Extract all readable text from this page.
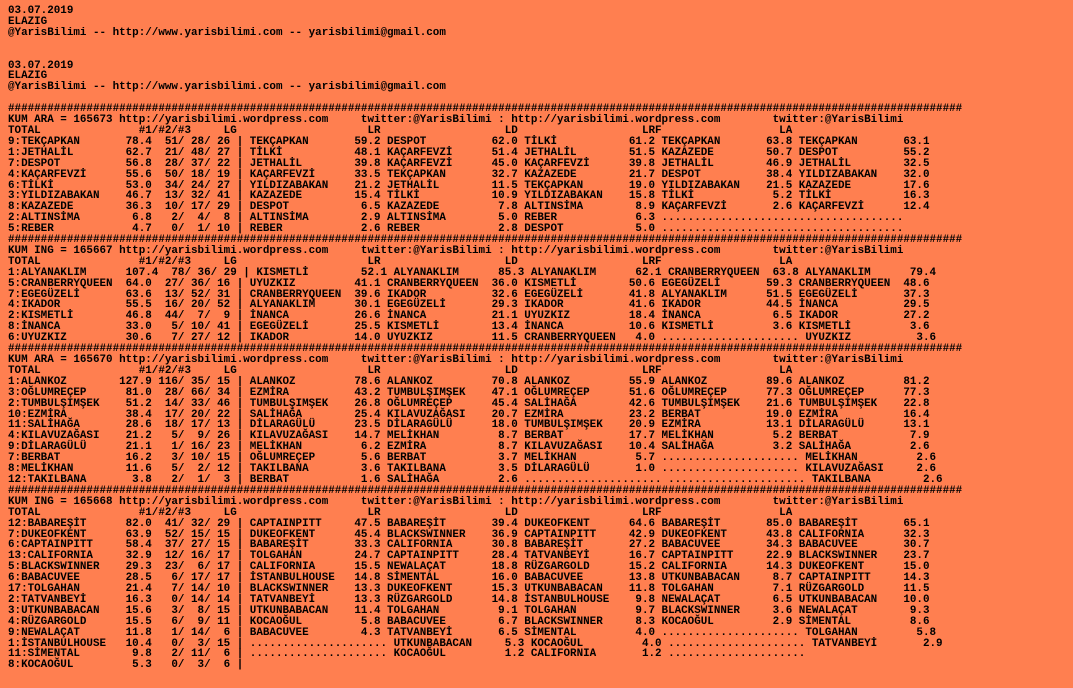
03.07.2019
ELAZIG
@YarisBilimi -- http://www.yarisbilimi.com -- yarisbilimi@gmail.com

03.07.2019
ELAZIG
@YarisBilimi -- http://www.yarisbilimi.com -- yarisbilimi@gmail.com

##################################################################################################################################################
KUM ARA = 165673 http://yarisbilimi.wordpress.com     twitter:@YarisBilimi : http://yarisbilimi.wordpress.com        twitter:@YarisBilimi
TOTAL               #1/#2/#3     LG                    LR                   LD                   LRF                  LA
9:TEKÇAPKAN       78.4  51/ 28/ 26 | TEKÇAPKAN       59.2 DESPOT          62.0 TİLKİ           61.2 TEKÇAPKAN       63.8 TEKÇAPKAN       63.1
1:JETHALİL        62.7  21/ 48/ 27 | TİLKİ           48.1 KAÇARFEVZİ      51.4 JETHALİL        51.5 KAZAZEDE        50.7 DESPOT          55.2
7:DESPOT          56.8  28/ 37/ 22 | JETHALİL        39.8 KAÇARFEVZİ      45.0 KAÇARFEVZİ      39.8 JETHALİL        46.9 JETHALİL        32.5
4:KAÇARFEVZİ      55.6  50/ 18/ 19 | KAÇARFEVZİ      33.5 TEKÇAPKAN       32.7 KAZAZEDE        21.7 DESPOT          38.4 YILDIZABAKAN    32.0
6:TİLKİ           53.0  34/ 24/ 27 | YILDIZABAKAN    21.2 JETHALİL        11.5 TEKÇAPKAN       19.0 YILDIZABAKAN    21.5 KAZAZEDE        17.6
3:YILDIZABAKAN    46.7  13/ 32/ 41 | KAZAZEDE        15.4 TİLKİ           10.9 YILDIZABAKAN    15.8 TİLKİ            5.2 TİLKİ           16.3
8:KAZAZEDE        36.3  10/ 17/ 29 | DESPOT           6.5 KAZAZEDE         7.8 ALTINSİMA        8.9 KAÇARFEVZİ       2.6 KAÇARFEVZİ      12.4
2:ALTINSİMA        6.8   2/  4/  8 | ALTINSİMA        2.9 ALTINSİMA        5.0 REBER            6.3 .....................................
5:REBER            4.7   0/  1/ 10 | REBER            2.6 REBER            2.8 DESPOT           5.0 .....................................
##################################################################################################################################################
KUM ING = 165667 http://yarisbilimi.wordpress.com     twitter:@YarisBilimi : http://yarisbilimi.wordpress.com        twitter:@YarisBilimi
TOTAL               #1/#2/#3     LG                    LR                   LD                   LRF                  LA
1:ALYANAKLIM      107.4  78/ 36/ 29 | KISMETLİ        52.1 ALYANAKLIM      85.3 ALYANAKLIM      62.1 CRANBERRYQUEEN  63.8 ALYANAKLIM      79.4
5:CRANBERRYQUEEN  64.0  27/ 36/ 16 | UYUZKIZ         41.1 CRANBERRYQUEEN  36.0 KISMETLİ        50.6 EGEGÜZELİ       59.3 CRANBERRYQUEEN  48.6
7:EGEGÜZELİ       63.6  13/ 52/ 31 | CRANBERRYQUEEN  39.6 IKADOR          32.6 EGEGÜZELİ       41.8 ALYANAKLIM      51.5 EGEGÜZELİ       37.3
4:IKADOR          55.5  16/ 20/ 52 | ALYANAKLIM      30.1 EGEGÜZELİ       29.3 IKADOR          41.6 IKADOR          44.5 İNANCA          29.5
2:KISMETLİ        46.8  44/  7/  9 | İNANCA          26.6 İNANCA          21.1 UYUZKIZ         18.4 İNANCA           6.5 IKADOR          27.2
8:İNANCA          33.0   5/ 10/ 41 | EGEGÜZELİ       25.5 KISMETLİ        13.4 İNANCA          10.6 KISMETLİ         3.6 KISMETLİ         3.6
6:UYUZKIZ         30.6   7/ 27/ 12 | IKADOR          14.0 UYUZKIZ         11.5 CRANBERRYQUEEN   4.0 ..................... UYUZKIZ          3.6
##################################################################################################################################################
KUM ARA = 165670 http://yarisbilimi.wordpress.com     twitter:@YarisBilimi : http://yarisbilimi.wordpress.com        twitter:@YarisBilimi
TOTAL               #1/#2/#3     LG                    LR                   LD                   LRF                  LA
1:ALANKOZ        127.9 116/ 35/ 15 | ALANKOZ         78.6 ALANKOZ         70.8 ALANKOZ         55.9 ALANKOZ         89.6 ALANKOZ         81.2
3:OĞLUMREÇEP      81.0  28/ 66/ 34 | EZMİRA          43.2 TUMBULŞIMŞEK    47.1 OĞLUMREÇEP      51.6 OĞLUMREÇEP      77.3 OĞLUMREÇEP      77.3
2:TUMBULŞIMŞEK    51.2  14/ 33/ 46 | TUMBULŞIMŞEK    26.8 OĞLUMREÇEP      45.4 SALİHAĞA        42.6 TUMBULŞIMŞEK    21.6 TUMBULŞIMŞEK    22.8
10:EZMİRA         38.4  17/ 20/ 22 | SALİHAĞA        25.4 KILAVUZAĞASI    20.7 EZMİRA          23.2 BERBAT          19.0 EZMİRA          16.4
11:SALİHAĞA       28.6  18/ 17/ 13 | DİLARAGÜLÜ      23.5 DİLARAGÜLÜ      18.0 TUMBULŞIMŞEK    20.9 EZMİRA          13.1 DİLARAGÜLÜ      13.1
4:KILAVUZAĞASI    21.2   5/  9/ 26 | KILAVUZAĞASI    14.7 MELİKHAN         8.7 BERBAT          17.7 MELİKHAN         5.2 BERBAT           7.9
9:DİLARAGÜLÜ      21.1   1/ 16/ 23 | MELİKHAN         6.2 EZMİRA           8.7 KILAVUZAĞASI    10.4 SALİHAĞA         3.2 SALİHAĞA         2.6
7:BERBAT          16.2   3/ 10/ 15 | OĞLUMREÇEP       5.6 BERBAT           3.7 MELİKHAN         5.7 ..................... MELİKHAN         2.6
8:MELİKHAN        11.6   5/  2/ 12 | TAKILBANA        3.6 TAKILBANA        3.5 DİLARAGÜLÜ       1.0 ..................... KILAVUZAĞASI     2.6
12:TAKILBANA       3.8   2/  1/  3 | BERBAT           1.6 SALİHAĞA         2.6 ..................... ..................... TAKILBANA        2.6
##################################################################################################################################################
KUM ING = 165668 http://yarisbilimi.wordpress.com     twitter:@YarisBilimi : http://yarisbilimi.wordpress.com        twitter:@YarisBilimi
TOTAL               #1/#2/#3     LG                    LR                   LD                   LRF                  LA
12:BABAREŞİT      82.0  41/ 32/ 29 | CAPTAINPITT     47.5 BABAREŞİT       39.4 DUKEOFKENT      64.6 BABAREŞİT       85.0 BABAREŞİT       65.1
7:DUKEOFKENT      63.9  52/ 15/ 15 | DUKEOFKENT      45.4 BLACKSWINNER    36.9 CAPTAINPITT     42.9 DUKEOFKENT      43.8 CALIFORNIA      32.3
6:CAPTAINPITT     58.4  37/ 27/ 15 | BABAREŞİT       33.3 CALIFORNIA      30.8 BABAREŞİT       27.2 BABACUVEE       34.3 BABACUVEE       30.7
13:CALIFORNIA     32.9  12/ 16/ 17 | TOLGAHAN        24.7 CAPTAINPITT     28.4 TATVANBEYİ      16.7 CAPTAINPITT     22.9 BLACKSWINNER    23.7
5:BLACKSWINNER    29.3  23/  6/ 17 | CALIFORNIA      15.5 NEWALAÇAT       18.8 RÜZGARGOLD      15.2 CALIFORNIA      14.3 DUKEOFKENT      15.0
6:BABACUVEE       28.5   6/ 17/ 17 | İSTANBULHOUSE   14.8 SİMENTAL        16.0 BABACUVEE       13.8 UTKUNBABACAN     8.7 CAPTAINPITT     14.3
17:TOLGAHAN       21.4   7/ 14/ 10 | BLACKSWINNER    13.3 DUKEOFKENT      15.3 UTKUNBABACAN    11.8 TOLGAHAN         7.1 RÜZGARGOLD      11.5
2:TATVANBEYİ      16.3   0/ 14/ 14 | TATVANBEYİ      13.3 RÜZGARGOLD      14.8 İSTANBULHOUSE    9.8 NEWALAÇAT        6.5 UTKUNBABACAN    10.0
3:UTKUNBABACAN    15.6   3/  8/ 15 | UTKUNBABACAN    11.4 TOLGAHAN         9.1 TOLGAHAN         9.7 BLACKSWINNER     3.6 NEWALAÇAT        9.3
4:RÜZGARGOLD      15.5   6/  9/ 11 | KOCAOĞUL         5.8 BABACUVEE        6.7 BLACKSWINNER     8.3 KOCAOĞUL         2.9 SİMENTAL         8.6
9:NEWALAÇAT       11.8   1/ 14/  6 | BABACUVEE        4.3 TATVANBEYİ       6.5 SİMENTAL         4.0 ..................... TOLGAHAN         5.8
1:İSTANBULHOUSE   10.4   0/  3/ 15 | ..................... UTKUNBABACAN     5.3 KOCAOĞUL         4.0 ..................... TATVANBEYİ       2.9
11:SİMENTAL        9.8   2/ 11/  6 | ..................... KOCAOĞUL         1.2 CALIFORNIA       1.2 .....................
8:KOCAOĞUL         5.3   0/  3/  6 |
